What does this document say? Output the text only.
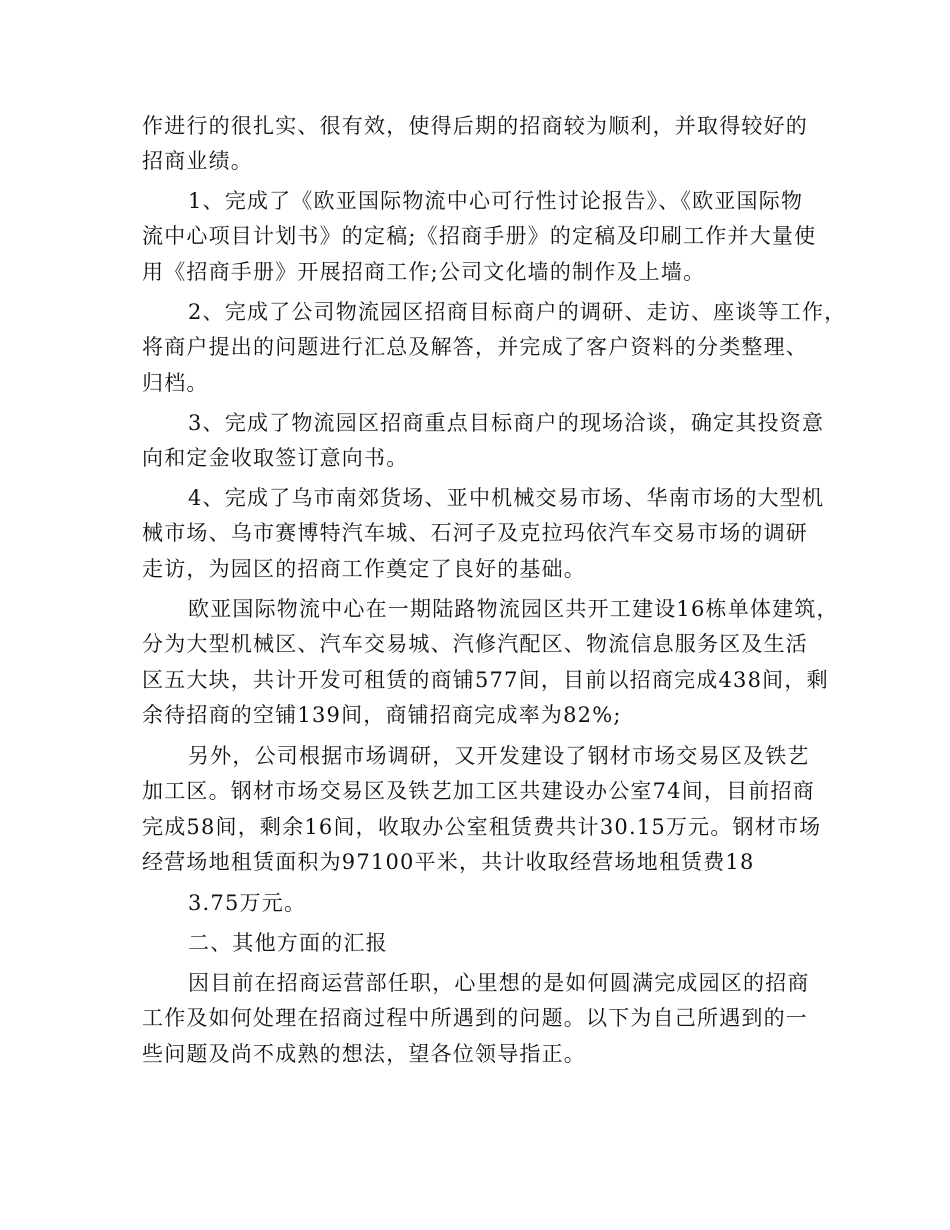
作进行的很扎实、很有效，使得后期的招商较为顺利，并取得较好的
招商业绩。
1、完成了《欧亚国际物流中心可行性讨论报告》、《欧亚国际物
流中心项目计划书》的定稿;《招商手册》的定稿及印刷工作并大量使
用《招商手册》开展招商工作;公司文化墙的制作及上墙。
2、完成了公司物流园区招商目标商户的调研、走访、座谈等工作，
将商户提出的问题进行汇总及解答，并完成了客户资料的分类整理、
归档。
3、完成了物流园区招商重点目标商户的现场洽谈，确定其投资意
向和定金收取签订意向书。
4、完成了乌市南郊货场、亚中机械交易市场、华南市场的大型机
械市场、乌市赛博特汽车城、石河子及克拉玛依汽车交易市场的调研
走访，为园区的招商工作奠定了良好的基础。
欧亚国际物流中心在一期陆路物流园区共开工建设16栋单体建筑，
分为大型机械区、汽车交易城、汽修汽配区、物流信息服务区及生活
区五大块，共计开发可租赁的商铺577间，目前以招商完成438间，剩
余待招商的空铺139间，商铺招商完成率为82%;
另外，公司根据市场调研，又开发建设了钢材市场交易区及铁艺
加工区。钢材市场交易区及铁艺加工区共建设办公室74间，目前招商
完成58间，剩余16间，收取办公室租赁费共计30.15万元。钢材市场
经营场地租赁面积为97100平米，共计收取经营场地租赁费18
3.75万元。
二、其他方面的汇报
因目前在招商运营部任职，心里想的是如何圆满完成园区的招商
工作及如何处理在招商过程中所遇到的问题。以下为自己所遇到的一
些问题及尚不成熟的想法，望各位领导指正。
